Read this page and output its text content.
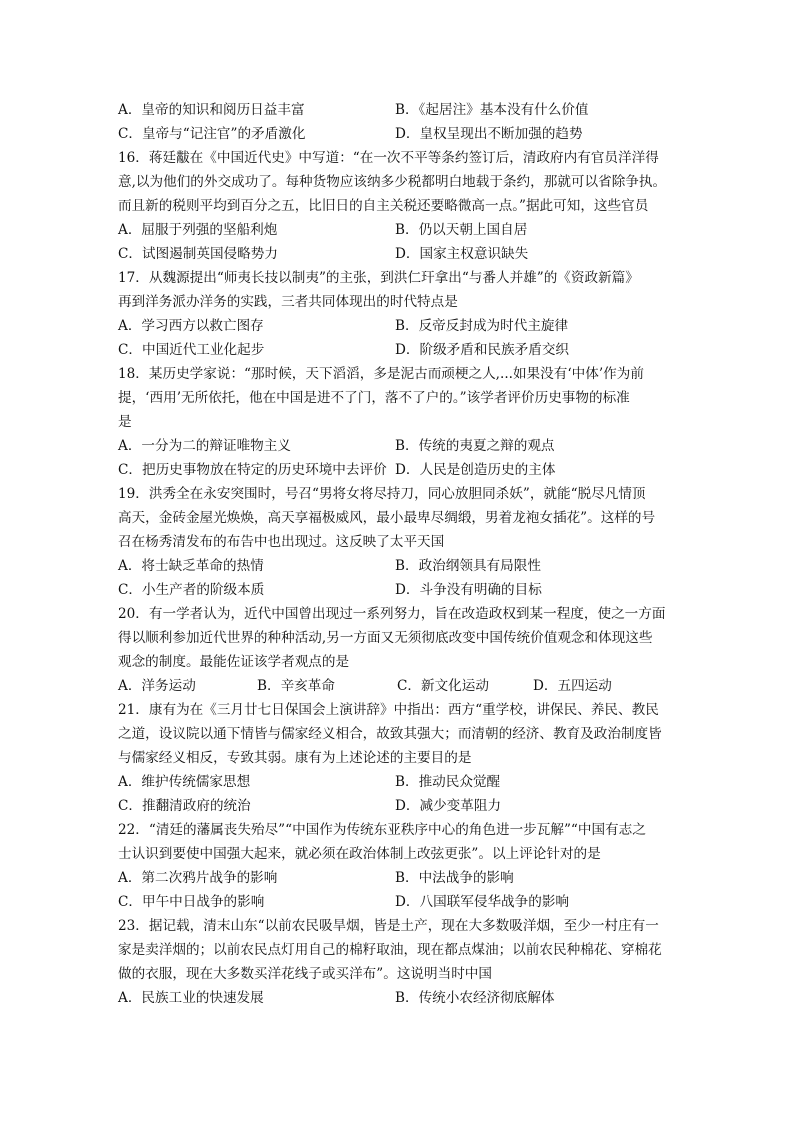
A．皇帝的知识和阅历日益丰富	B．《起居注》基本没有什么价值
C．皇帝与“记注官”的矛盾激化	D．皇权呈现出不断加强的趋势
16．蒋廷黻在《中国近代史》中写道：“在一次不平等条约签订后，清政府内有官员洋洋得
意,以为他们的外交成功了。每种货物应该纳多少税都明白地载于条约，那就可以省除争执。
而且新的税则平均到百分之五，比旧日的自主关税还要略微高一点。”据此可知，这些官员
A．屈服于列强的坚船利炮	B．仍以天朝上国自居
C．试图遏制英国侵略势力	D．国家主权意识缺失
17．从魏源提出“师夷长技以制夷”的主张，到洪仁玕拿出“与番人并雄”的《资政新篇》
再到洋务派办洋务的实践，三者共同体现出的时代特点是
A．学习西方以救亡图存	B．反帝反封成为时代主旋律
C．中国近代工业化起步	D．阶级矛盾和民族矛盾交织
18．某历史学家说：“那时候，天下滔滔，多是泥古而顽梗之人,...如果没有‘中体’作为前
提，‘西用’无所依托，他在中国是进不了门，落不了户的。”该学者评价历史事物的标准
是
A．一分为二的辩证唯物主义	B．传统的夷夏之辩的观点
C．把历史事物放在特定的历史环境中去评价 D．人民是创造历史的主体
19．洪秀全在永安突围时，号召“男将女将尽持刀，同心放胆同杀妖”，就能“脱尽凡情顶
高天，金砖金屋光焕焕，高天享福极威风，最小最卑尽绸缎，男着龙袍女插花”。这样的号
召在杨秀清发布的布告中也出现过。这反映了太平天国
A．将士缺乏革命的热情	B．政治纲领具有局限性
C．小生产者的阶级本质	D．斗争没有明确的目标
20．有一学者认为，近代中国曾出现过一系列努力，旨在改造政权到某一程度，使之一方面
得以顺利参加近代世界的种种活动,另一方面又无须彻底改变中国传统价值观念和体现这些
观念的制度。最能佐证该学者观点的是
A．洋务运动	B．辛亥革命	C．新文化运动	D．五四运动
21．康有为在《三月廿七日保国会上演讲辞》中指出：西方“重学校，讲保民、养民、教民
之道，设议院以通下情皆与儒家经义相合，故致其强大；而清朝的经济、教育及政治制度皆
与儒家经义相反，专致其弱。康有为上述论述的主要目的是
A．维护传统儒家思想	B．推动民众觉醒
C．推翻清政府的统治	D．减少变革阻力
22．“清廷的藩属丧失殆尽”“中国作为传统东亚秩序中心的角色进一步瓦解”“中国有志之
士认识到要使中国强大起来，就必须在政治体制上改弦更张”。以上评论针对的是
A．第二次鸦片战争的影响	B．中法战争的影响
C．甲午中日战争的影响	D．八国联军侵华战争的影响
23．据记载，清末山东“以前农民吸旱烟，皆是土产，现在大多数吸洋烟，至少一村庄有一
家是卖洋烟的；以前农民点灯用自己的棉籽取油，现在都点煤油；以前农民种棉花、穿棉花
做的衣服，现在大多数买洋花线子或买洋布”。这说明当时中国
A．民族工业的快速发展	B．传统小农经济彻底解体
